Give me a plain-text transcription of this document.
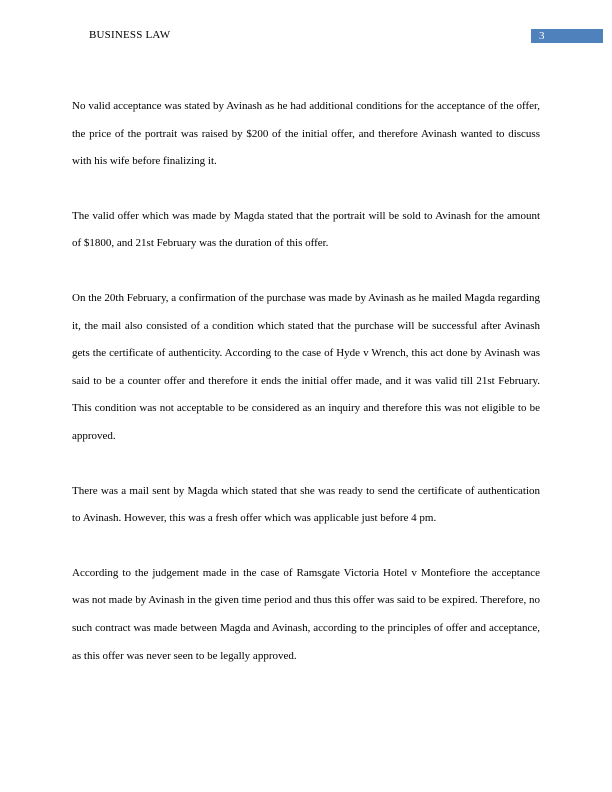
BUSINESS LAW	3

No valid acceptance was stated by Avinash as he had additional conditions for the acceptance of the offer, the price of the portrait was raised by $200 of the initial offer, and therefore Avinash wanted to discuss with his wife before finalizing it.

The valid offer which was made by Magda stated that the portrait will be sold to Avinash for the amount of $1800, and 21st February was the duration of this offer.

On the 20th February, a confirmation of the purchase was made by Avinash as he mailed Magda regarding it, the mail also consisted of a condition which stated that the purchase will be successful after Avinash gets the certificate of authenticity. According to the case of Hyde v Wrench, this act done by Avinash was said to be a counter offer and therefore it ends the initial offer made, and it was valid till 21st February. This condition was not acceptable to be considered as an inquiry and therefore this was not eligible to be approved.

There was a mail sent by Magda which stated that she was ready to send the certificate of authentication to Avinash. However, this was a fresh offer which was applicable just before 4 pm.

According to the judgement made in the case of Ramsgate Victoria Hotel v Montefiore the acceptance was not made by Avinash in the given time period and thus this offer was said to be expired. Therefore, no such contract was made between Magda and Avinash, according to the principles of offer and acceptance, as this offer was never seen to be legally approved.
